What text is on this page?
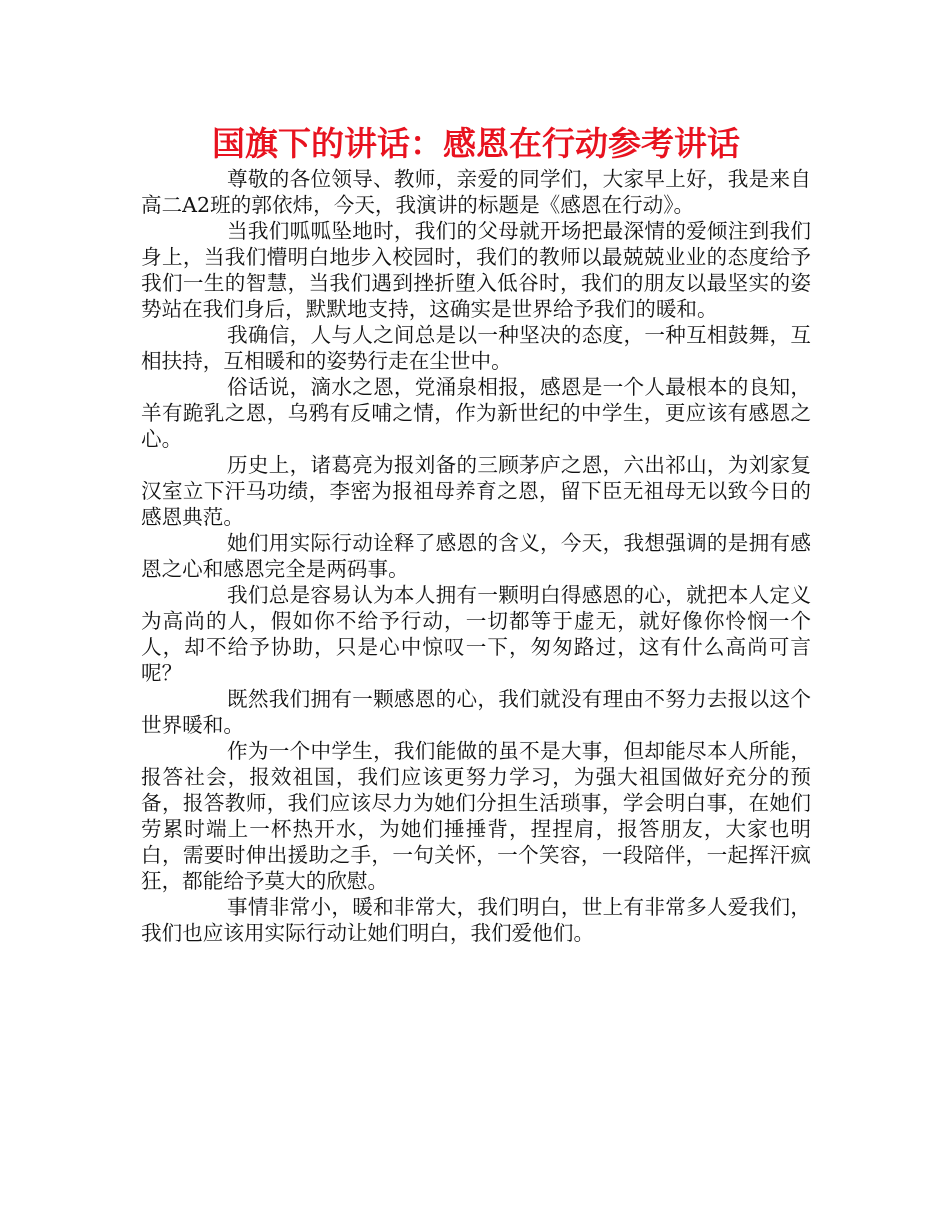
国旗下的讲话：感恩在行动参考讲话

尊敬的各位领导、教师，亲爱的同学们，大家早上好，我是来自高二A2班的郭依炜，今天，我演讲的标题是《感恩在行动》。

当我们呱呱坠地时，我们的父母就开场把最深情的爱倾注到我们身上，当我们懵明白地步入校园时，我们的教师以最兢兢业业的态度给予我们一生的智慧，当我们遇到挫折堕入低谷时，我们的朋友以最坚实的姿势站在我们身后，默默地支持，这确实是世界给予我们的暖和。

我确信，人与人之间总是以一种坚决的态度，一种互相鼓舞，互相扶持，互相暖和的姿势行走在尘世中。

俗话说，滴水之恩，党涌泉相报，感恩是一个人最根本的良知，羊有跪乳之恩，乌鸦有反哺之情，作为新世纪的中学生，更应该有感恩之心。

历史上，诸葛亮为报刘备的三顾茅庐之恩，六出祁山，为刘家复汉室立下汗马功绩，李密为报祖母养育之恩，留下臣无祖母无以致今日的感恩典范。

她们用实际行动诠释了感恩的含义，今天，我想强调的是拥有感恩之心和感恩完全是两码事。

我们总是容易认为本人拥有一颗明白得感恩的心，就把本人定义为高尚的人，假如你不给予行动，一切都等于虚无，就好像你怜悯一个人，却不给予协助，只是心中惊叹一下，匆匆路过，这有什么高尚可言呢？

既然我们拥有一颗感恩的心，我们就没有理由不努力去报以这个世界暖和。

作为一个中学生，我们能做的虽不是大事，但却能尽本人所能，报答社会，报效祖国，我们应该更努力学习，为强大祖国做好充分的预备，报答教师，我们应该尽力为她们分担生活琐事，学会明白事，在她们劳累时端上一杯热开水，为她们捶捶背，捏捏肩，报答朋友，大家也明白，需要时伸出援助之手，一句关怀，一个笑容，一段陪伴，一起挥汗疯狂，都能给予莫大的欣慰。

事情非常小，暖和非常大，我们明白，世上有非常多人爱我们，我们也应该用实际行动让她们明白，我们爱他们。
